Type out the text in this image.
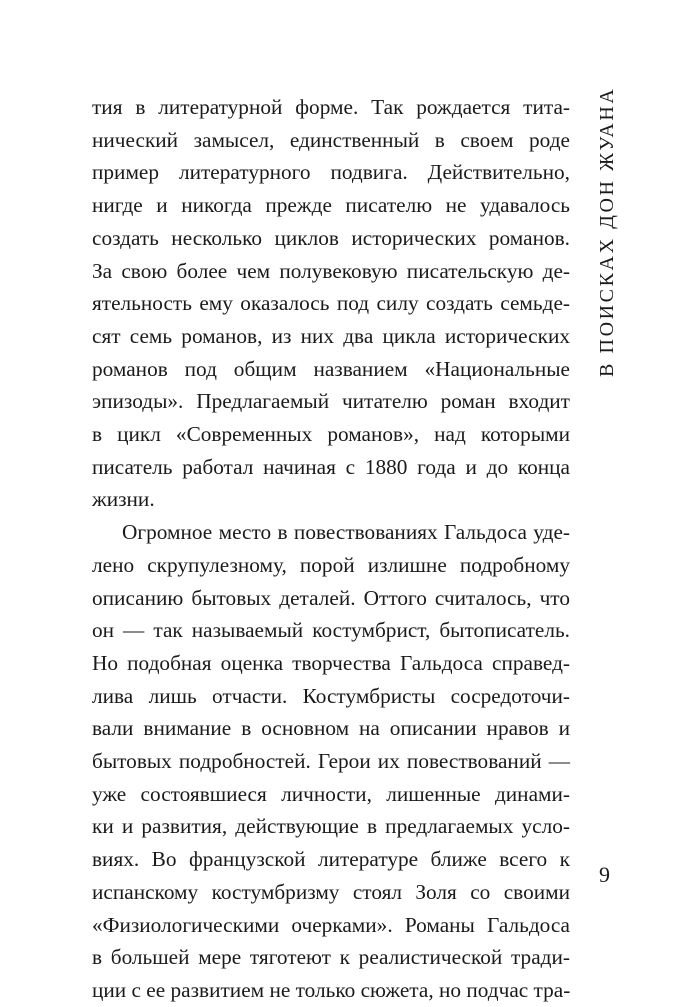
тия в литературной форме. Так рождается тита-
нический замысел, единственный в своем роде
пример литературного подвига. Действительно,
нигде и никогда прежде писателю не удавалось
создать несколько циклов исторических романов.
За свою более чем полувековую писательскую де-
ятельность ему оказалось под силу создать семьде-
сят семь романов, из них два цикла исторических
романов под общим названием «Национальные
эпизоды». Предлагаемый читателю роман входит
в цикл «Современных романов», над которыми
писатель работал начиная с 1880 года и до конца
жизни.

Огромное место в повествованиях Гальдоса уде-
лено скрупулезному, порой излишне подробному
описанию бытовых деталей. Оттого считалось, что
он — так называемый костумбрист, бытописатель.
Но подобная оценка творчества Гальдоса справед-
лива лишь отчасти. Костумбристы сосредоточи-
вали внимание в основном на описании нравов и
бытовых подробностей. Герои их повествований —
уже состоявшиеся личности, лишенные динами-
ки и развития, действующие в предлагаемых усло-
виях. Во французской литературе ближе всего к
испанскому костумбризму стоял Золя со своими
«Физиологическими очерками». Романы Гальдоса
в большей мере тяготеют к реалистической тради-
ции с ее развитием не только сюжета, но подчас тра-

В ПОИСКАХ ДОН ЖУАНА
9
